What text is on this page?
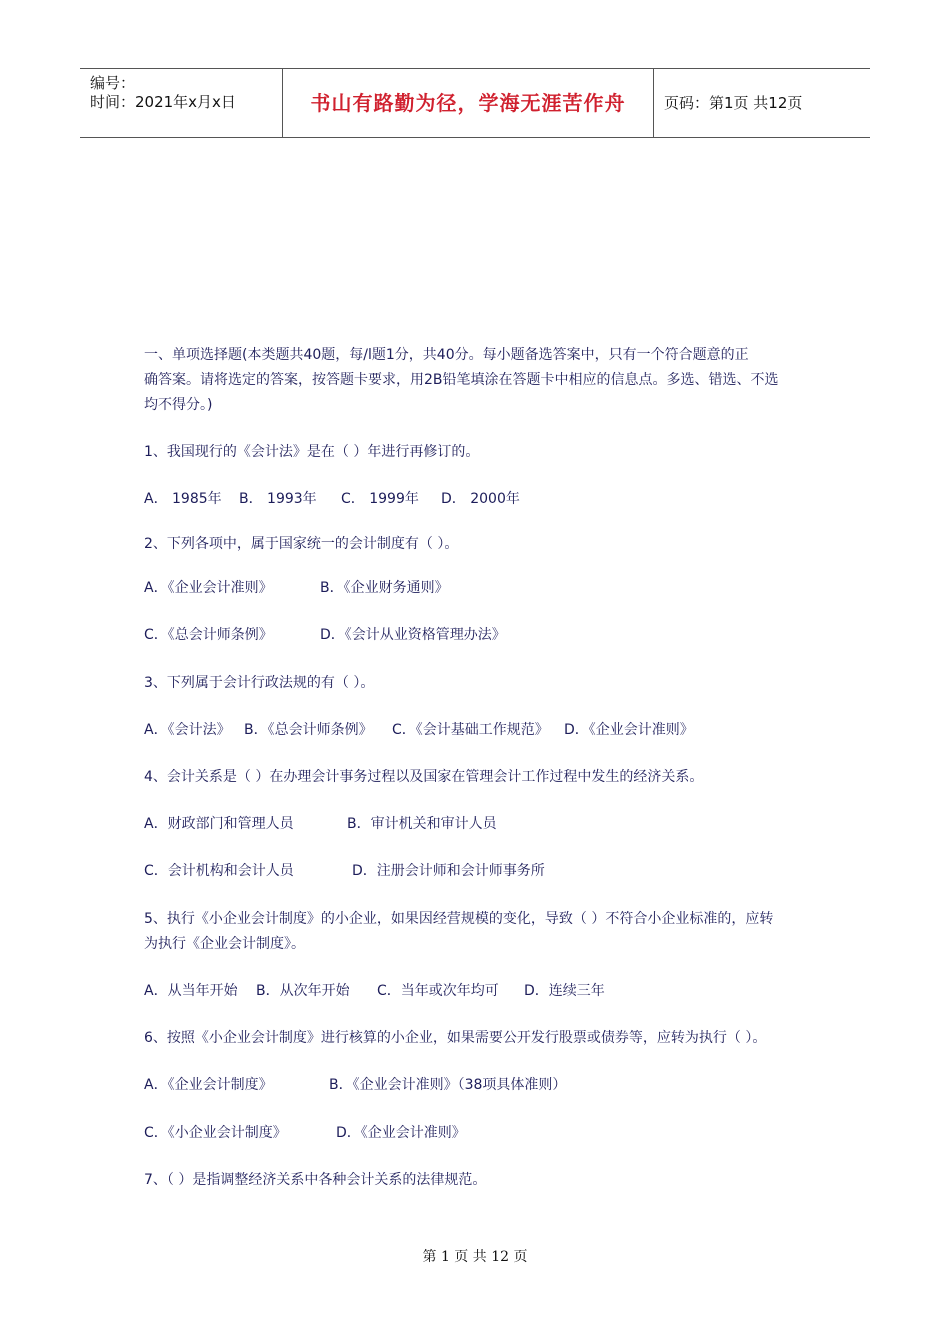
编号：
时间：2021年x月x日	书山有路勤为径，学海无涯苦作舟	页码：第1页 共12页
一、单项选择题(本类题共40题，每/l题1分，共40分。每小题备选答案中，只有一个符合题意的正
确答案。请将选定的答案，按答题卡要求，用2B铅笔填涂在答题卡中相应的信息点。多选、错选、不选
均不得分。)
1、我国现行的《会计法》是在（ ）年进行再修订的。
A． 1985年 B． 1993年 C． 1999年 D． 2000年
2、下列各项中，属于国家统一的会计制度有（ ）。
A．《企业会计准则》	B．《企业财务通则》
C．《总会计师条例》	D．《会计从业资格管理办法》
3、下列属于会计行政法规的有（ ）。
A．《会计法》 B．《总会计师条例》 C．《会计基础工作规范》 D．《企业会计准则》
4、会计关系是（ ）在办理会计事务过程以及国家在管理会计工作过程中发生的经济关系。
A．财政部门和管理人员	B．审计机关和审计人员
C．会计机构和会计人员	D．注册会计师和会计师事务所
5、执行《小企业会计制度》的小企业，如果因经营规模的变化，导致（ ）不符合小企业标准的，应转
为执行《企业会计制度》。
A．从当年开始 B．从次年开始 C．当年或次年均可 D．连续三年
6、按照《小企业会计制度》进行核算的小企业，如果需要公开发行股票或债券等，应转为执行（ ）。
A．《企业会计制度》	B．《企业会计准则》（38项具体准则）
C．《小企业会计制度》	D．《企业会计准则》
7、（ ）是指调整经济关系中各种会计关系的法律规范。
第 1 页 共 12 页
